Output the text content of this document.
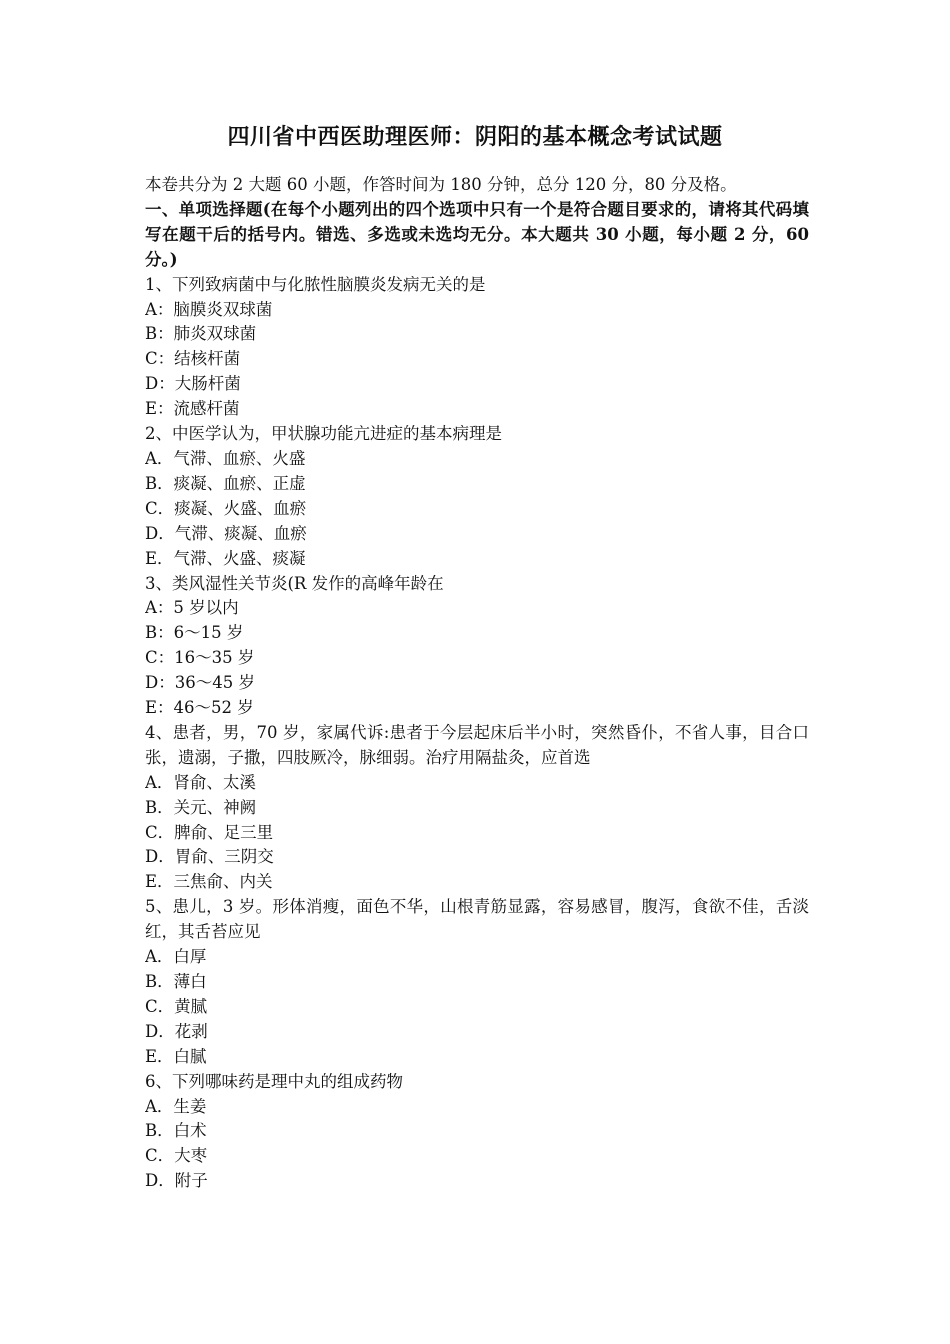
四川省中西医助理医师：阴阳的基本概念考试试题
本卷共分为 2 大题 60 小题，作答时间为 180 分钟，总分 120 分，80 分及格。
一、单项选择题(在每个小题列出的四个选项中只有一个是符合题目要求的，请将其代码填写在题干后的括号内。错选、多选或未选均无分。本大题共 30 小题，每小题 2 分，60 分。)
1、下列致病菌中与化脓性脑膜炎发病无关的是
A：脑膜炎双球菌
B：肺炎双球菌
C：结核杆菌
D：大肠杆菌
E：流感杆菌
2、中医学认为，甲状腺功能亢进症的基本病理是
A．气滞、血瘀、火盛
B．痰凝、血瘀、正虚
C．痰凝、火盛、血瘀
D．气滞、痰凝、血瘀
E．气滞、火盛、痰凝
3、类风湿性关节炎(R 发作的高峰年龄在
A：5 岁以内
B：6～15 岁
C：16～35 岁
D：36～45 岁
E：46～52 岁
4、患者，男，70 岁，家属代诉:患者于今层起床后半小时，突然昏仆，不省人事，目合口张，遗溺，子撒，四肢厥冷，脉细弱。治疗用隔盐灸，应首选
A．肾俞、太溪
B．关元、神阙
C．脾俞、足三里
D．胃俞、三阴交
E．三焦俞、内关
5、患儿，3 岁。形体消瘦，面色不华，山根青筋显露，容易感冒，腹泻，食欲不佳，舌淡红，其舌苔应见
A．白厚
B．薄白
C．黄腻
D．花剥
E．白腻
6、下列哪味药是理中丸的组成药物
A．生姜
B．白术
C．大枣
D．附子
